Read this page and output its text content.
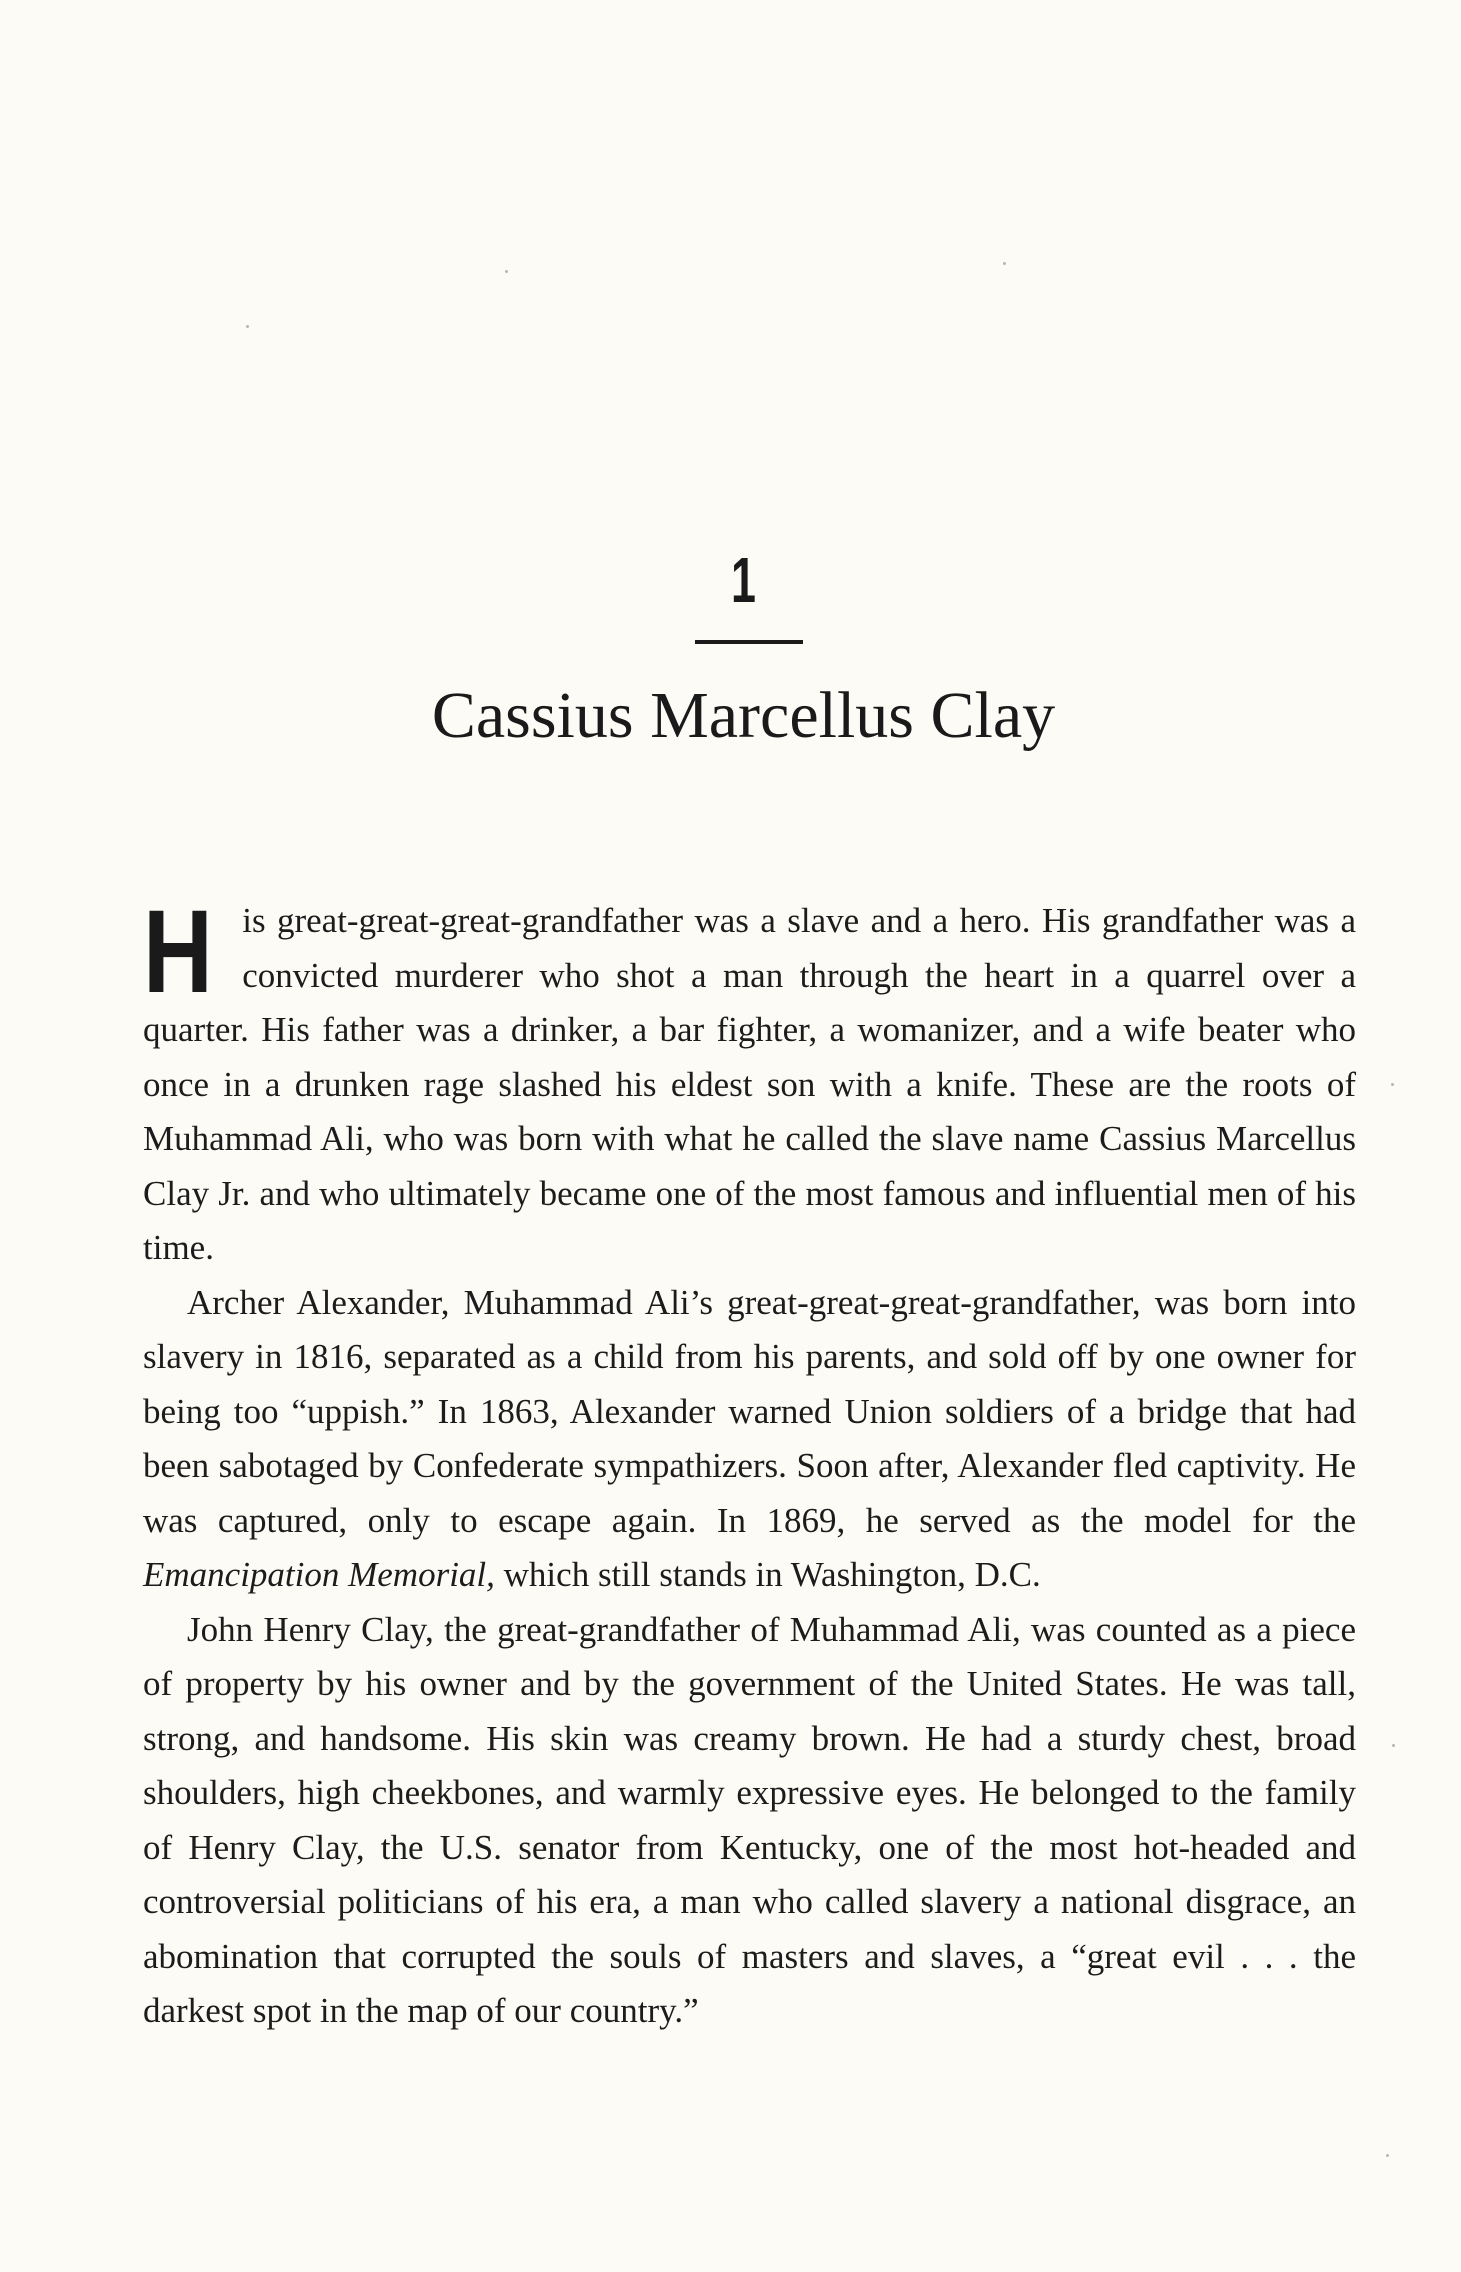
1
Cassius Marcellus Clay

His great-great-great-grandfather was a slave and a hero. His grandfather was a convicted murderer who shot a man through the heart in a quarrel over a quarter. His father was a drinker, a bar fighter, a womanizer, and a wife beater who once in a drunken rage slashed his eldest son with a knife. These are the roots of Muhammad Ali, who was born with what he called the slave name Cassius Marcellus Clay Jr. and who ultimately became one of the most famous and influential men of his time.

Archer Alexander, Muhammad Ali’s great-great-great-grandfather, was born into slavery in 1816, separated as a child from his parents, and sold off by one owner for being too “uppish.” In 1863, Alexander warned Union soldiers of a bridge that had been sabotaged by Confederate sympathizers. Soon after, Alexander fled captivity. He was captured, only to escape again. In 1869, he served as the model for the Emancipation Memorial, which still stands in Washington, D.C.

John Henry Clay, the great-grandfather of Muhammad Ali, was counted as a piece of property by his owner and by the government of the United States. He was tall, strong, and handsome. His skin was creamy brown. He had a sturdy chest, broad shoulders, high cheekbones, and warmly expressive eyes. He belonged to the family of Henry Clay, the U.S. senator from Kentucky, one of the most hot-headed and controversial politicians of his era, a man who called slavery a national disgrace, an abomination that corrupted the souls of masters and slaves, a “great evil . . . the darkest spot in the map of our country.”
